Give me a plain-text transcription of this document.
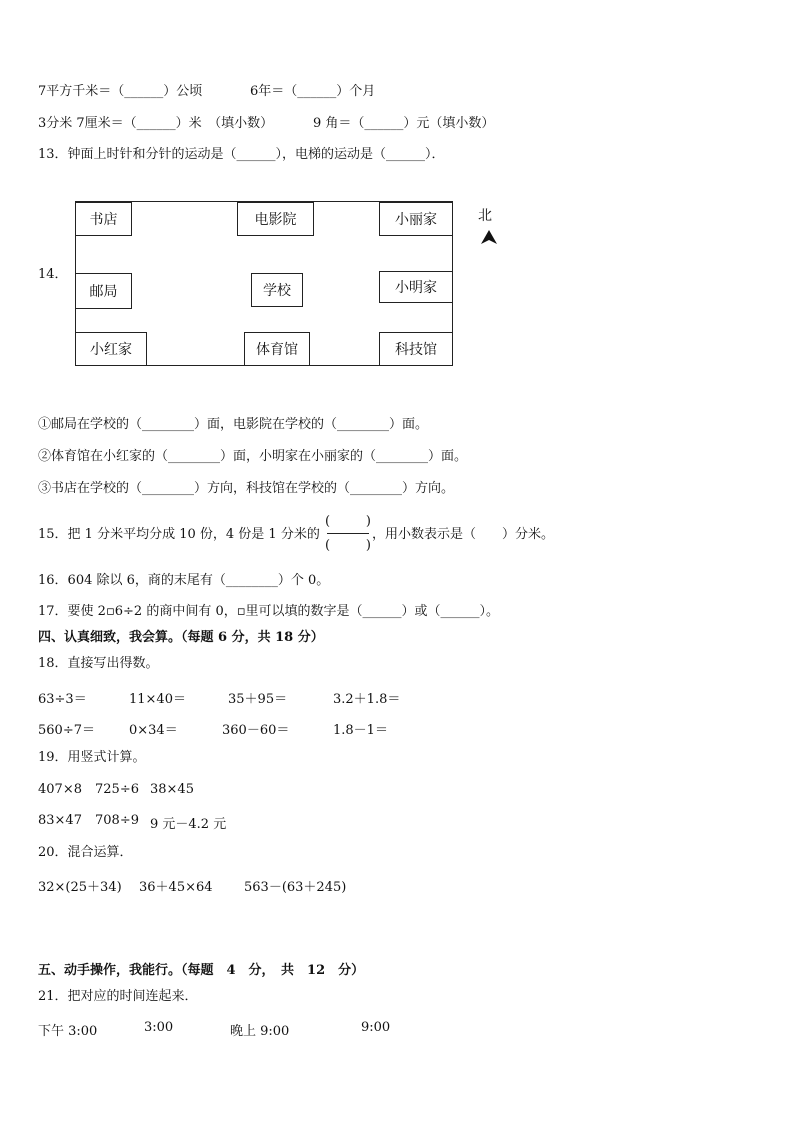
7平方千米＝（______）公顷	6年＝（______）个月
3分米 7厘米＝（______）米　（填小数）	9 角＝（______）元（填小数）
13．钟面上时针和分针的运动是（______），电梯的运动是（______）．
14．
书店	电影院	小丽家
邮局	学校	小明家
小红家	体育馆	科技馆
北
①邮局在学校的（________）面，电影院在学校的（________）面。
②体育馆在小红家的（________）面，小明家在小丽家的（________）面。
③书店在学校的（________）方向，科技馆在学校的（________）方向。
15．把 1 分米平均分成 10 份，4 份是 1 分米的
(	)
(	)
，用小数表示是（　　）分米。
16．604 除以 6，商的末尾有（________）个 0。
17．要使 2▫6÷2 的商中间有 0，▫里可以填的数字是（______）或（______）。
四、认真细致，我会算。（每题 6 分，共 18 分）
18．直接写出得数。
63÷3＝	11×40＝	35＋95＝	3.2＋1.8＝
560÷7＝	0×34＝	360－60＝	1.8－1＝
19．用竖式计算。
407×8 725÷6 38×45
83×47 708÷9 9 元－4.2 元
20．混合运算．
32×(25＋34) 36＋45×64 563－(63＋245)
五、动手操作，我能行。（每题　4　分，　共　12　分）
21．把对应的时间连起来．
下午 3:00	3:00	晚上 9:00	9:00
